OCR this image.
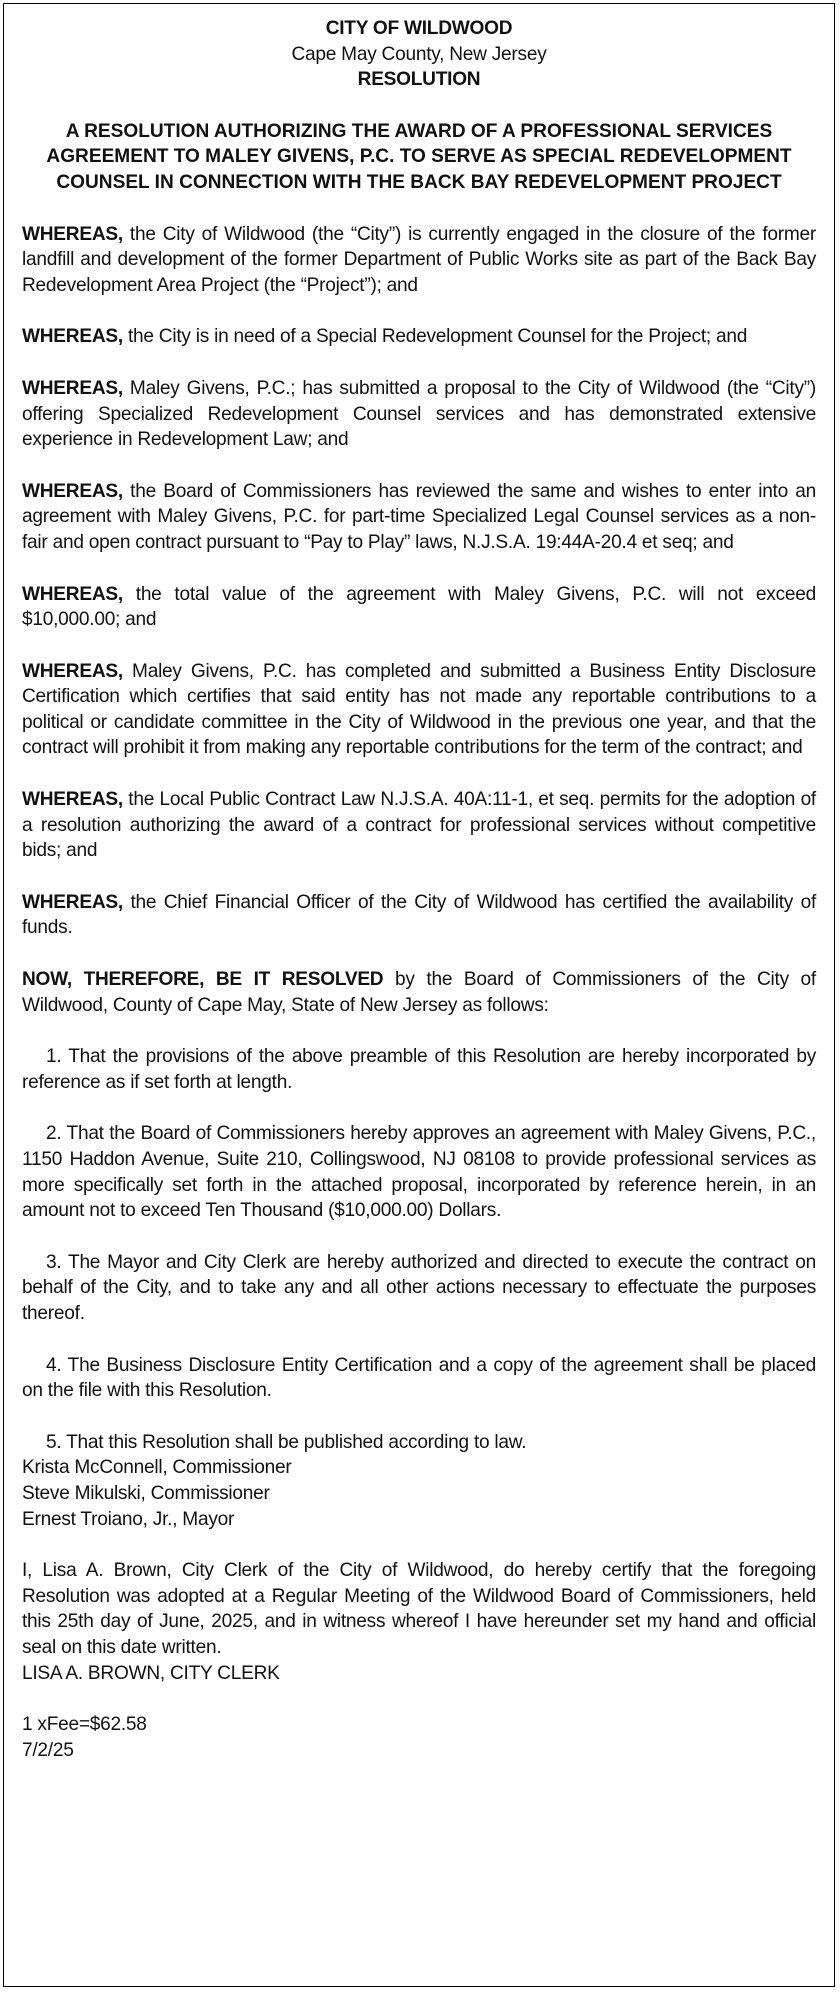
CITY OF WILDWOOD
Cape May County, New Jersey
RESOLUTION
A RESOLUTION AUTHORIZING THE AWARD OF A PROFESSIONAL SERVICES AGREEMENT TO MALEY GIVENS, P.C. TO SERVE AS SPECIAL REDEVELOPMENT COUNSEL IN CONNECTION WITH THE BACK BAY REDEVELOPMENT PROJECT

WHEREAS, the City of Wildwood (the “City”) is currently engaged in the closure of the former landfill and development of the former Department of Public Works site as part of the Back Bay Redevelopment Area Project (the “Project”); and

WHEREAS, the City is in need of a Special Redevelopment Counsel for the Project; and

WHEREAS, Maley Givens, P.C.; has submitted a proposal to the City of Wildwood (the “City”) offering Specialized Redevelopment Counsel services and has demonstrated extensive experience in Redevelopment Law; and

WHEREAS, the Board of Commissioners has reviewed the same and wishes to enter into an agreement with Maley Givens, P.C. for part-time Specialized Legal Counsel services as a non-fair and open contract pursuant to “Pay to Play” laws, N.J.S.A. 19:44A-20.4 et seq; and

WHEREAS, the total value of the agreement with Maley Givens, P.C. will not exceed $10,000.00; and

WHEREAS, Maley Givens, P.C. has completed and submitted a Business Entity Disclosure Certification which certifies that said entity has not made any reportable contributions to a political or candidate committee in the City of Wildwood in the previous one year, and that the contract will prohibit it from making any reportable contributions for the term of the contract; and

WHEREAS, the Local Public Contract Law N.J.S.A. 40A:11-1, et seq. permits for the adoption of a resolution authorizing the award of a contract for professional services without competitive bids; and

WHEREAS, the Chief Financial Officer of the City of Wildwood has certified the availability of funds.

NOW, THEREFORE, BE IT RESOLVED by the Board of Commissioners of the City of Wildwood, County of Cape May, State of New Jersey as follows:

1. That the provisions of the above preamble of this Resolution are hereby incorporated by reference as if set forth at length.

2. That the Board of Commissioners hereby approves an agreement with Maley Givens, P.C., 1150 Haddon Avenue, Suite 210, Collingswood, NJ 08108 to provide professional services as more specifically set forth in the attached proposal, incorporated by reference herein, in an amount not to exceed Ten Thousand ($10,000.00) Dollars.

3. The Mayor and City Clerk are hereby authorized and directed to execute the contract on behalf of the City, and to take any and all other actions necessary to effectuate the purposes thereof.

4. The Business Disclosure Entity Certification and a copy of the agreement shall be placed on the file with this Resolution.

5. That this Resolution shall be published according to law.

Krista McConnell, Commissioner
Steve Mikulski, Commissioner
Ernest Troiano, Jr., Mayor

I, Lisa A. Brown, City Clerk of the City of Wildwood, do hereby certify that the foregoing Resolution was adopted at a Regular Meeting of the Wildwood Board of Commissioners, held this 25th day of June, 2025, and in witness whereof I have hereunder set my hand and official seal on this date written.

LISA A. BROWN, CITY CLERK
1 xFee=$62.58
7/2/25
